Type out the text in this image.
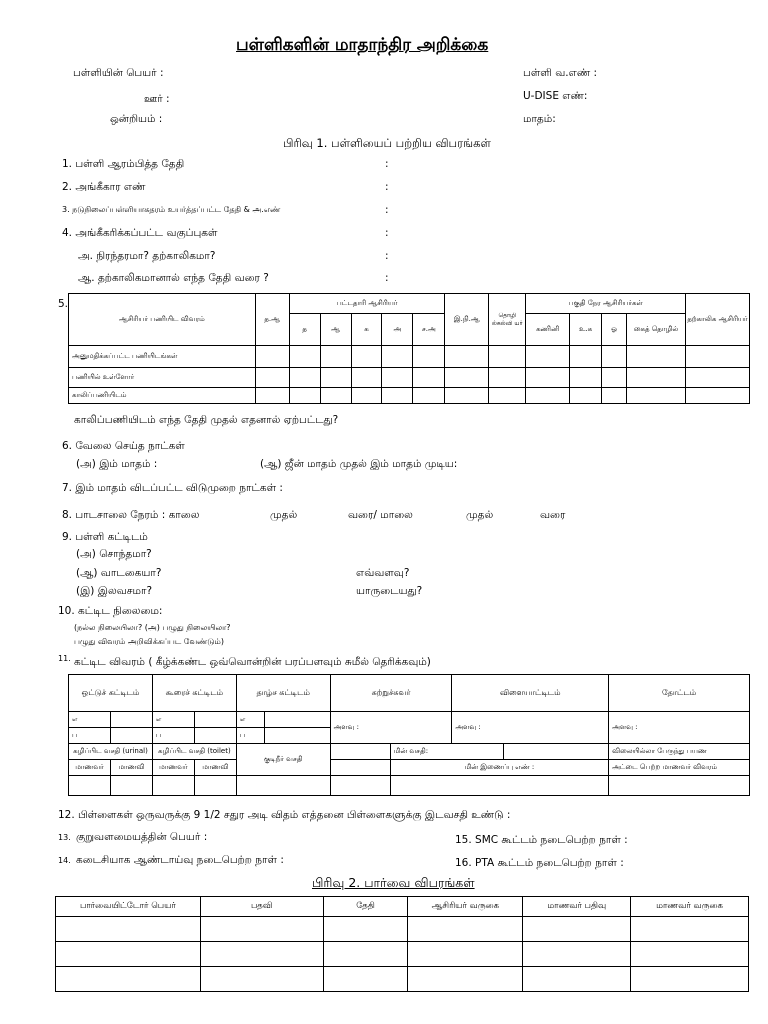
பள்ளிகளின் மாதாந்திர அறிக்கை
பள்ளியின் பெயர் :	பள்ளி வ.எண் :
ஊர் :	U-DISE எண்:
ஒன்றியம் :	மாதம்:
பிரிவு 1. பள்ளியைப் பற்றிய விபரங்கள்
1. பள்ளி ஆரம்பித்த தேதி	:
2. அங்கீகார எண்	:
3. நடுநிலைப்பள்ளியாகதரம் உயர்த்தப்பட்ட தேதி & அ.எண்	:
4. அங்கீகரிக்கப்பட்ட வகுப்புகள்	:
அ. நிரந்தரமா? தற்காலிகமா?	:
ஆ. தற்காலிகமானால் எந்த தேதி வரை ?	:
5.
ஆசிரியர் பணியிட விவரம்	த.ஆ	பட்டதாரி ஆசிரியர்					இ.நி.ஆ	தொழி ல்கல்வி யர்	பகுதி நேர ஆசிரியர்கள்				தற்காலிக ஆசிரியர்
		த	ஆ	க	அ	ச.அ			கணினி	உ.க	ஓ	கைத் தொழில்	
அனுமதிக்கப்பட்ட பணியிடங்கள்													
பணியில் உள்ளோர்													
காலிப்பணியிடம்													
காலிப்பணியிடம் எந்த தேதி முதல் எதனால் ஏற்பட்டது?
6. வேலை செய்த நாட்கள்
(அ) இம் மாதம் :	(ஆ) ஜீன் மாதம் முதல் இம் மாதம் முடிய:
7. இம் மாதம் விடப்பட்ட விடுமுறை நாட்கள் :
8. பாடசாலை நேரம் : காலை	முதல்	வரை/ மாலை	முதல்	வரை
9. பள்ளி கட்டிடம்
(அ) சொந்தமா?
(ஆ) வாடகையா?	எவ்வளவு?
(இ) இலவசமா?	யாருடையது?
10. கட்டிட நிலைமை:
(நல்ல நிலையிலா? (அ) பழுது நிலையிலா?
பழுது விவரம் அறிவிக்கப்பட வேண்டும்)
11. கட்டிட விவரம் ( கீழ்க்கண்ட ஒவ்வொன்றின் பரப்பளவும் சுமீல் தெரிக்கவும்)
ஒட்டுச் கட்டிடம்		கூரைச் கட்டிடம்		தாழ்ச கட்டிடம்		சுற்றுச்சுவர்		விளையாட்டிடம்		தோட்டம்
எ		எ		எ		அளவு :		அளவு :		அளவு :
ப		ப		ப						
கழிப்பிட வசதி (urinal)		கழிப்பிட வசதி (toilet)		குடிநீர் வசதி			மின் வசதி:			விலையில்லா பேருந்து பயண
மாணவர்	மாணவி	மாணவர்	மாணவி				மின் இணைப்பு எண் :			அட்டை பெற்ற மாணவர் விவரம்

12. பிள்ளைகள் ஒருவருக்கு 9 1/2 சதுர அடி விதம் எத்தனை பிள்ளைகளுக்கு இடவசதி உண்டு :
13. குறுவளமையத்தின் பெயர் :	15. SMC கூட்டம் நடைபெற்ற நாள் :
14. கடைசியாக ஆண்டாய்வு நடைபெற்ற நாள் :	16. PTA கூட்டம் நடைபெற்ற நாள் :
பிரிவு 2. பார்வை விபரங்கள்
பார்வையிட்டோர் பெயர்	பதவி	தேதி	ஆசிரியர் வருகை	மாணவர் பதிவு	மாணவர் வருகை
